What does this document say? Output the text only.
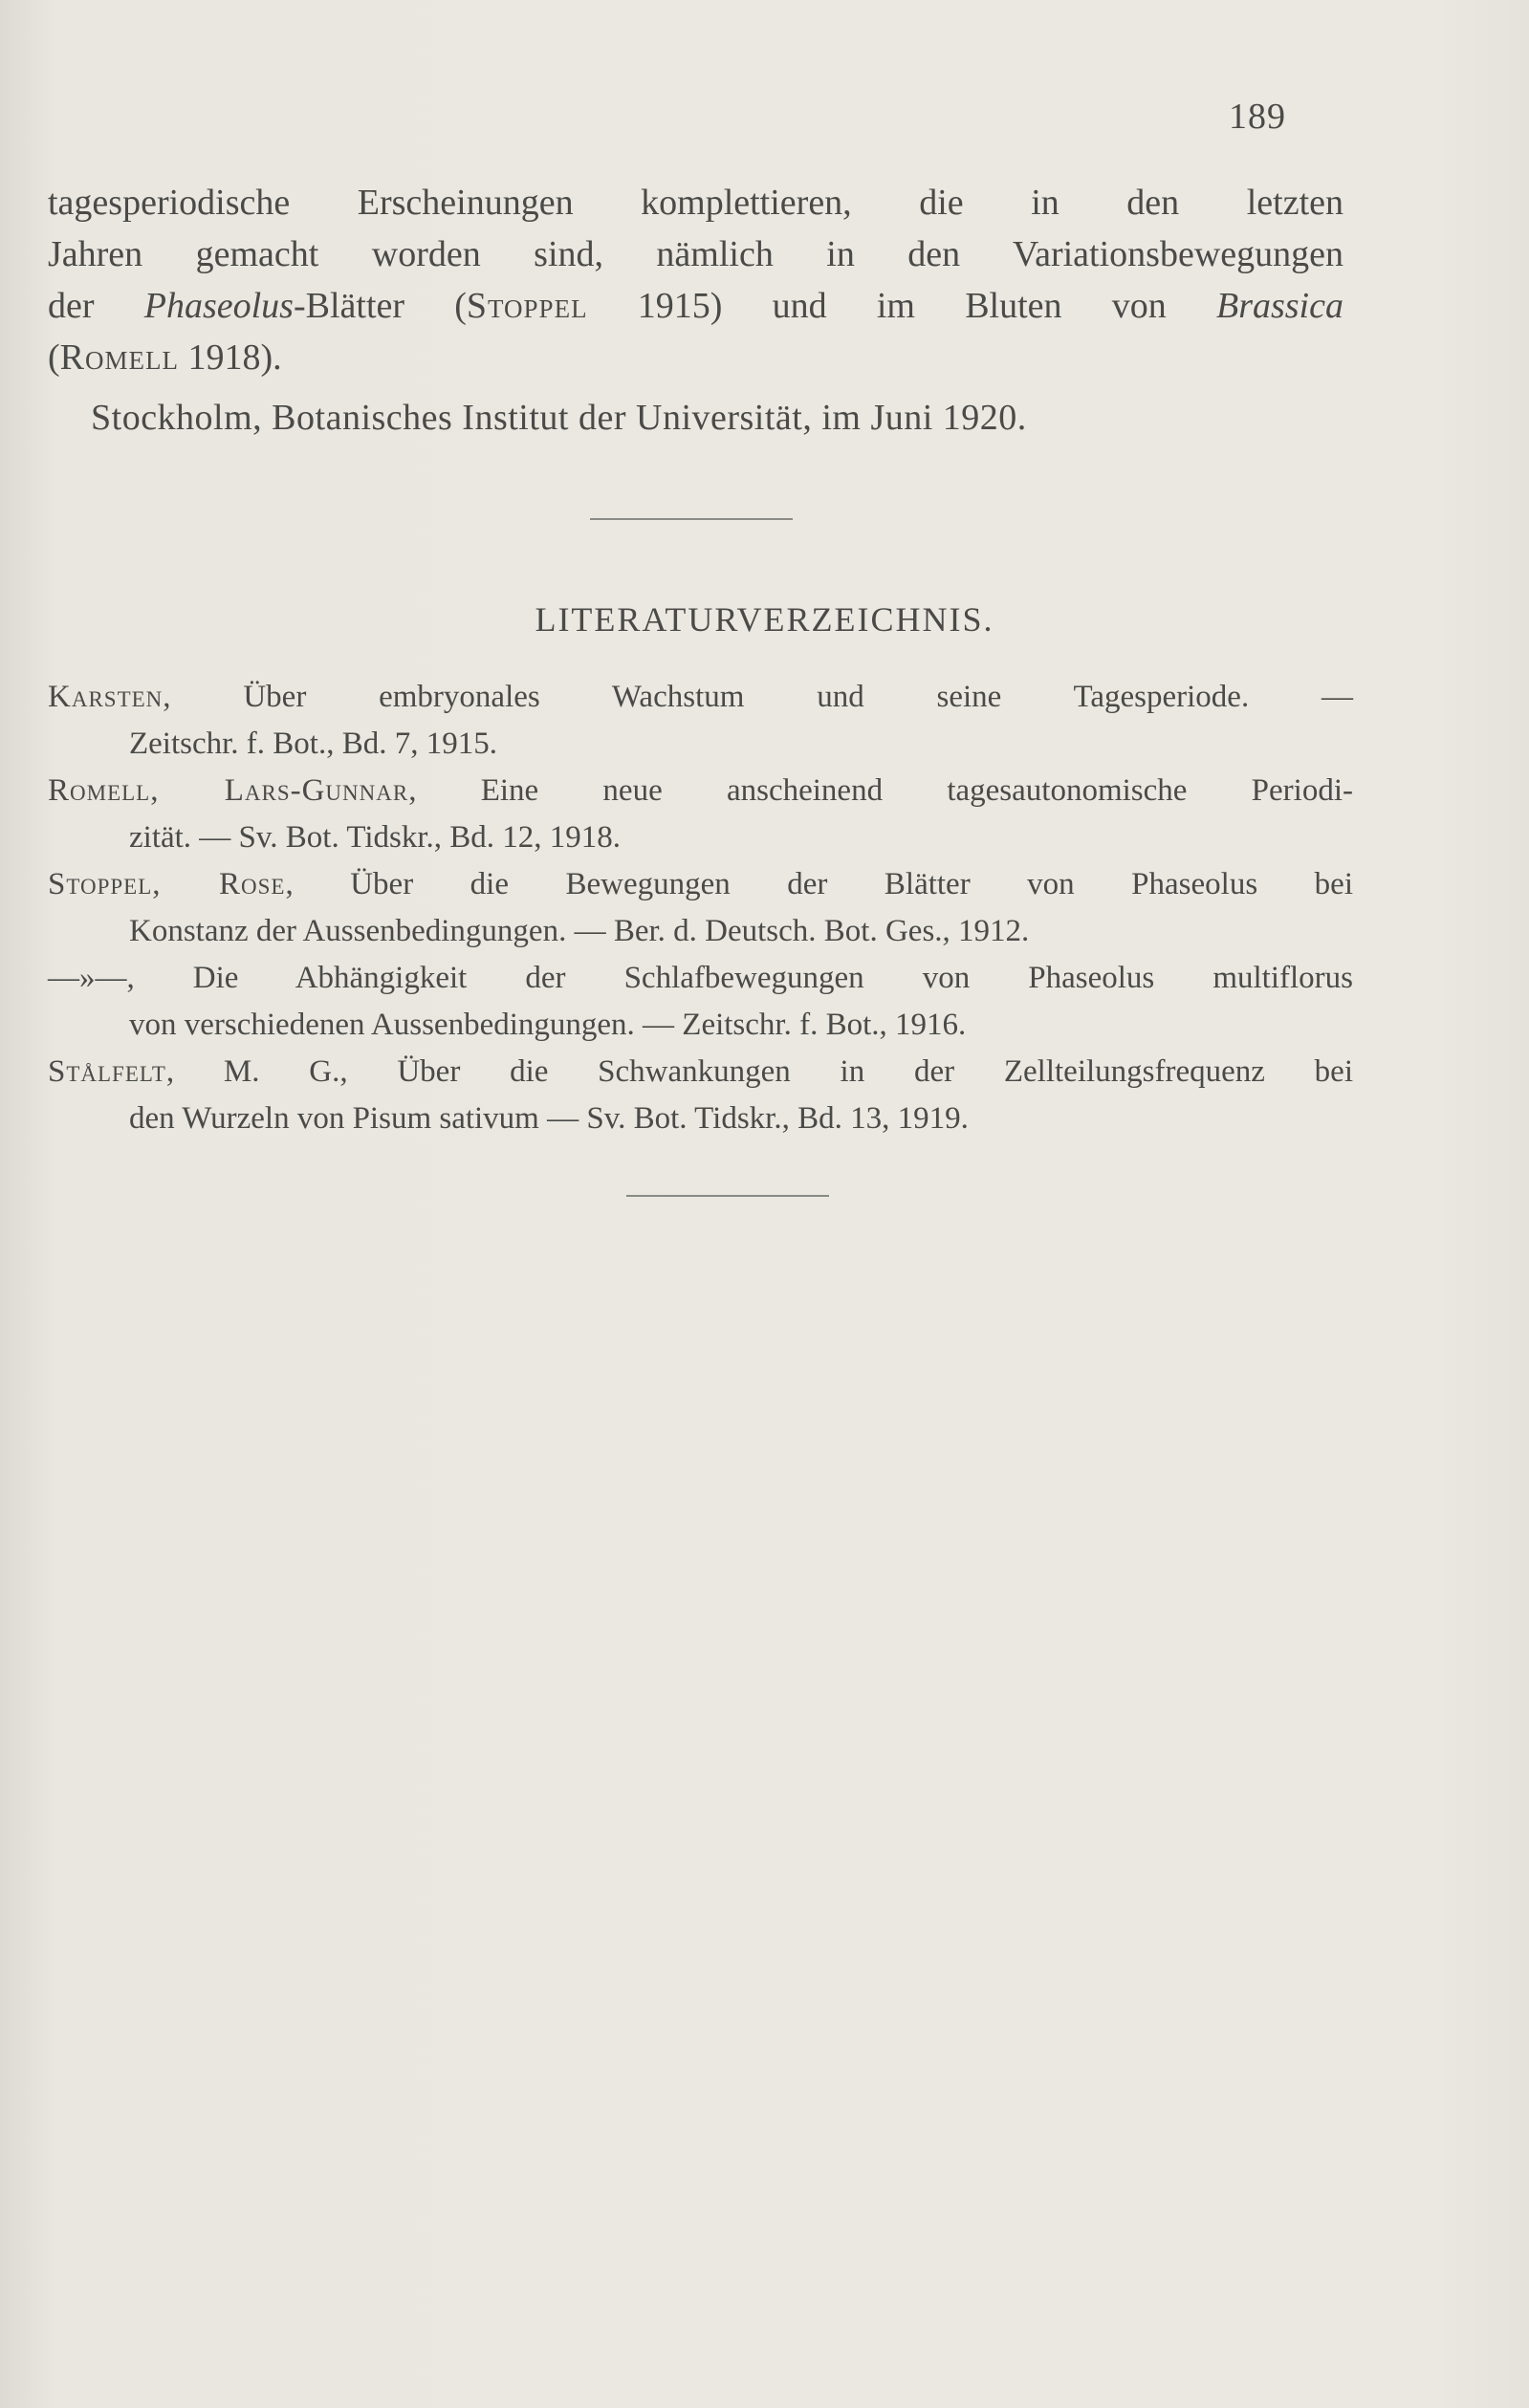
189
tagesperiodische Erscheinungen komplettieren, die in den letzten
Jahren gemacht worden sind, nämlich in den Variationsbewegungen
der Phaseolus-Blätter (Stoppel 1915) und im Bluten von Brassica
(Romell 1918).
Stockholm, Botanisches Institut der Universität, im Juni 1920.
LITERATURVERZEICHNIS.
Karsten, Über embryonales Wachstum und seine Tagesperiode. —
Zeitschr. f. Bot., Bd. 7, 1915.
Romell, Lars-Gunnar, Eine neue anscheinend tagesautonomische Periodi-
zität. — Sv. Bot. Tidskr., Bd. 12, 1918.
Stoppel, Rose, Über die Bewegungen der Blätter von Phaseolus bei
Konstanz der Aussenbedingungen. — Ber. d. Deutsch. Bot. Ges., 1912.
—»—, Die Abhängigkeit der Schlafbewegungen von Phaseolus multiflorus
von verschiedenen Aussenbedingungen. — Zeitschr. f. Bot., 1916.
Stålfelt, M. G., Über die Schwankungen in der Zellteilungsfrequenz bei
den Wurzeln von Pisum sativum — Sv. Bot. Tidskr., Bd. 13, 1919.
